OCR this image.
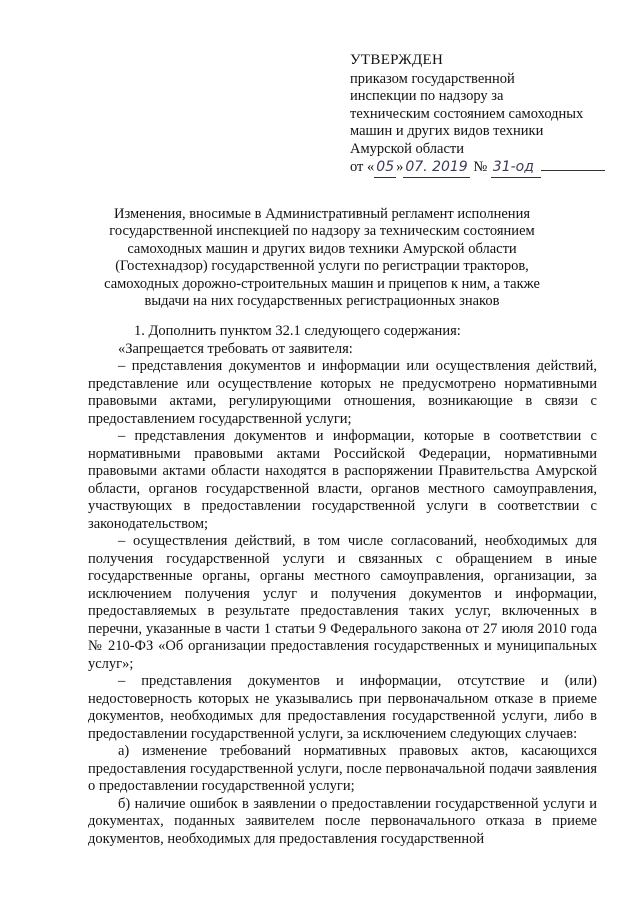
УТВЕРЖДЕН
приказом государственной
инспекции по надзору за
техническим состоянием самоходных
машин и других видов техники
Амурской области
от « 05 » 07. 2019 № 31-од
Изменения, вносимые в Административный регламент исполнения
государственной инспекцией по надзору за техническим состоянием
самоходных машин и других видов техники Амурской области
(Гостехнадзор) государственной услуги по регистрации тракторов,
самоходных дорожно-строительных машин и прицепов к ним, а также
выдачи на них государственных регистрационных знаков

1. Дополнить пунктом 32.1 следующего содержания:

«Запрещается требовать от заявителя:

– представления документов и информации или осуществления действий, представление или осуществление которых не предусмотрено нормативными правовыми актами, регулирующими отношения, возникающие в связи с предоставлением государственной услуги;

– представления документов и информации, которые в соответствии с нормативными правовыми актами Российской Федерации, нормативными правовыми актами области находятся в распоряжении Правительства Амурской области, органов государственной власти, органов местного самоуправления, участвующих в предоставлении государственной услуги в соответствии с законодательством;

– осуществления действий, в том числе согласований, необходимых для получения государственной услуги и связанных с обращением в иные государственные органы, органы местного самоуправления, организации, за исключением получения услуг и получения документов и информации, предоставляемых в результате предоставления таких услуг, включенных в перечни, указанные в части 1 статьи 9 Федерального закона от 27 июля 2010 года № 210-ФЗ «Об организации предоставления государственных и муниципальных услуг»;

– представления документов и информации, отсутствие и (или) недостоверность которых не указывались при первоначальном отказе в приеме документов, необходимых для предоставления государственной услуги, либо в предоставлении государственной услуги, за исключением следующих случаев:

а) изменение требований нормативных правовых актов, касающихся предоставления государственной услуги, после первоначальной подачи заявления о предоставлении государственной услуги;

б) наличие ошибок в заявлении о предоставлении государственной услуги и документах, поданных заявителем после первоначального отказа в приеме документов, необходимых для предоставления государственной
